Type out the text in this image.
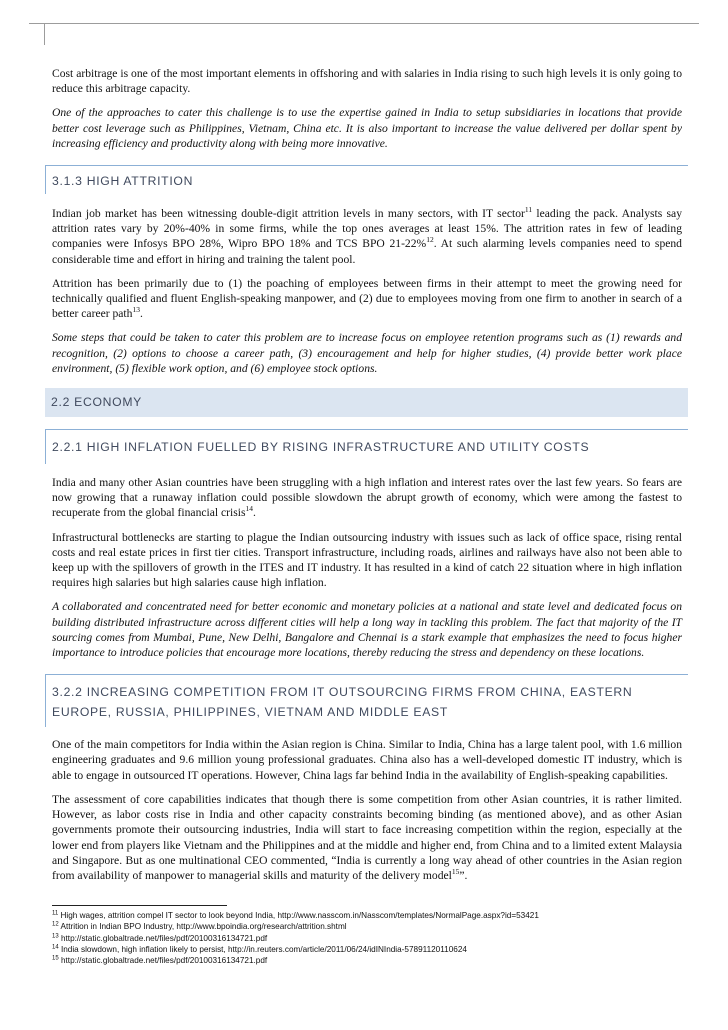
Cost arbitrage is one of the most important elements in offshoring and with salaries in India rising to such high levels it is only going to reduce this arbitrage capacity.

One of the approaches to cater this challenge is to use the expertise gained in India to setup subsidiaries in locations that provide better cost leverage such as Philippines, Vietnam, China etc. It is also important to increase the value delivered per dollar spent by increasing efficiency and productivity along with being more innovative.

3.1.3 HIGH ATTRITION

Indian job market has been witnessing double-digit attrition levels in many sectors, with IT sector$^{11}$ leading the pack. Analysts say attrition rates vary by 20%-40% in some firms, while the top ones averages at least 15%. The attrition rates in few of leading companies were Infosys BPO 28%, Wipro BPO 18% and TCS BPO 21-22%$^{12}$. At such alarming levels companies need to spend considerable time and effort in hiring and training the talent pool.

Attrition has been primarily due to (1) the poaching of employees between firms in their attempt to meet the growing need for technically qualified and fluent English-speaking manpower, and (2) due to employees moving from one firm to another in search of a better career path$^{13}$.

Some steps that could be taken to cater this problem are to increase focus on employee retention programs such as (1) rewards and recognition, (2) options to choose a career path, (3) encouragement and help for higher studies, (4) provide better work place environment, (5) flexible work option, and (6) employee stock options.

2.2 ECONOMY
2.2.1 HIGH INFLATION FUELLED BY RISING INFRASTRUCTURE AND UTILITY COSTS

India and many other Asian countries have been struggling with a high inflation and interest rates over the last few years. So fears are now growing that a runaway inflation could possible slowdown the abrupt growth of economy, which were among the fastest to recuperate from the global financial crisis$^{14}$.

Infrastructural bottlenecks are starting to plague the Indian outsourcing industry with issues such as lack of office space, rising rental costs and real estate prices in first tier cities. Transport infrastructure, including roads, airlines and railways have also not been able to keep up with the spillovers of growth in the ITES and IT industry. It has resulted in a kind of catch 22 situation where in high inflation requires high salaries but high salaries cause high inflation.

A collaborated and concentrated need for better economic and monetary policies at a national and state level and dedicated focus on building distributed infrastructure across different cities will help a long way in tackling this problem. The fact that majority of the IT sourcing comes from Mumbai, Pune, New Delhi, Bangalore and Chennai is a stark example that emphasizes the need to focus higher importance to introduce policies that encourage more locations, thereby reducing the stress and dependency on these locations.

3.2.2 INCREASING COMPETITION FROM IT OUTSOURCING FIRMS FROM CHINA, EASTERN EUROPE, RUSSIA, PHILIPPINES, VIETNAM AND MIDDLE EAST

One of the main competitors for India within the Asian region is China. Similar to India, China has a large talent pool, with 1.6 million engineering graduates and 9.6 million young professional graduates. China also has a well-developed domestic IT industry, which is able to engage in outsourced IT operations. However, China lags far behind India in the availability of English-speaking capabilities.

The assessment of core capabilities indicates that though there is some competition from other Asian countries, it is rather limited. However, as labor costs rise in India and other capacity constraints becoming binding (as mentioned above), and as other Asian governments promote their outsourcing industries, India will start to face increasing competition within the region, especially at the lower end from players like Vietnam and the Philippines and at the middle and higher end, from China and to a limited extent Malaysia and Singapore. But as one multinational CEO commented, “India is currently a long way ahead of other countries in the Asian region from availability of manpower to managerial skills and maturity of the delivery model$^{15}$”.

$^{11}$ High wages, attrition compel IT sector to look beyond India, http://www.nasscom.in/Nasscom/templates/NormalPage.aspx?id=53421

$^{12}$ Attrition in Indian BPO Industry, http://www.bpoindia.org/research/attrition.shtml

$^{13}$ http://static.globaltrade.net/files/pdf/20100316134721.pdf

$^{14}$ India slowdown, high inflation likely to persist, http://in.reuters.com/article/2011/06/24/idINIndia-57891120110624

$^{15}$ http://static.globaltrade.net/files/pdf/20100316134721.pdf
